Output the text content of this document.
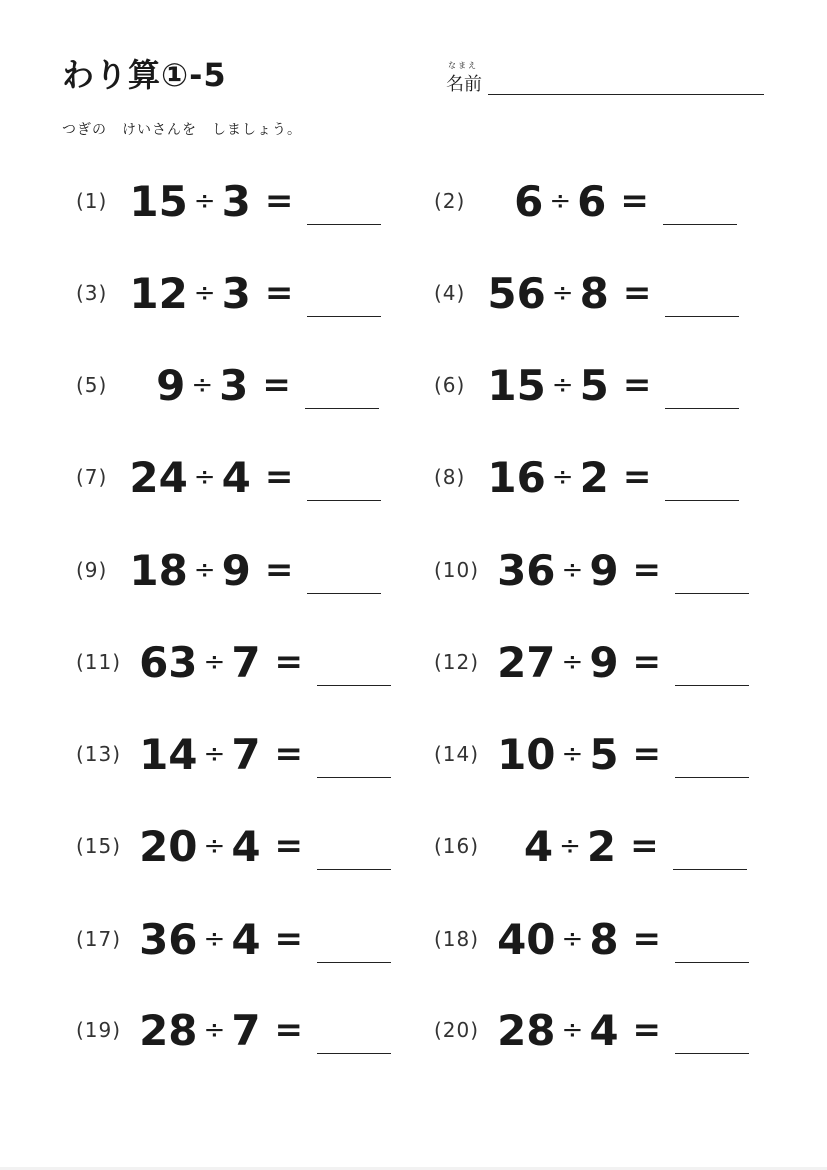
わり算①-5	なまえ
名前
つぎの　けいさんを　しましょう。
(1) 15 ÷ 3 =	(2)	6 ÷ 6 =
(3) 12 ÷ 3 =	(4) 56 ÷ 8 =
(5)	9 ÷ 3 =	(6) 15 ÷ 5 =
(7) 24 ÷ 4 =	(8) 16 ÷ 2 =
(9) 18 ÷ 9 =	(10) 36 ÷ 9 =
(11) 63 ÷ 7 =	(12) 27 ÷ 9 =
(13) 14 ÷ 7 =	(14) 10 ÷ 5 =
(15) 20 ÷ 4 =	(16)	4 ÷ 2 =
(17) 36 ÷ 4 =	(18) 40 ÷ 8 =
(19) 28 ÷ 7 =	(20) 28 ÷ 4 =
